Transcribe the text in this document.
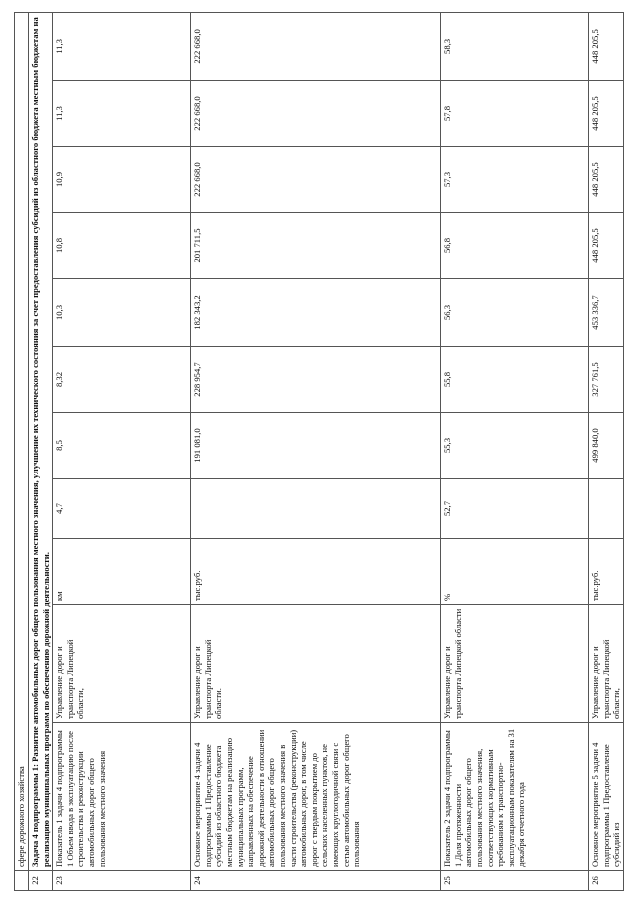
	сфере дорожного хозяйства										
22	Задача 4 подпрограммы 1: Развитие автомобильных дорог общего пользования местного значения, улучшение их технического состояния за счет предоставления субсидий из областного бюджета местным бюджетам на реализацию муниципальных программ по обеспечению дорожной деятельности.										
23	Показатель 1 задачи 4 подпрограммы 1 Объем ввода в эксплуатацию после строительства и реконструкции автомобильных дорог общего пользования местного значения	Управление дорог и транспорта Липецкой области,	км	4,7	8,5	8,32	10,3	10,8	10,9	11,3	11,3
24	Основное мероприятие 4 задачи 4 подпрограммы 1 Предоставление субсидий из областного бюджета местным бюджетам на реализацию муниципальных программ, направленных на обеспечение дорожной деятельности в отношении автомобильных дорог общего пользования местного значения в части строительства (реконструкции) автомобильных дорог, в том числе дорог с твердым покрытием до сельских населенных пунктов, не имеющих круглогодичной связи с сетью автомобильных дорог общего пользования	Управление дорог и транспорта Липецкой области.	тыс.руб.		191 081,0	228 954,7	182 343,2	201 711,5	222 668,0	222 668,0	222 668,0
25	Показатель 2 задачи 4 подпрограммы 1 Доля протяженности автомобильных дорог общего пользования местного значения, соответствующих нормативным требованиям к транспортно-эксплуатационным показателям на 31 декабря отчетного года	Управление дорог и транспорта Липецкой области	%	52,7	55,3	55,8	56,3	56,8	57,3	57,8	58,3
26	Основное мероприятие 5 задачи 4 подпрограммы 1 Предоставление субсидий из	Управление дорог и транспорта Липецкой области,	тыс.руб.		499 840,0	327 761,5	453 336,7	448 205,5	448 205,5	448 205,5	448 205,5
